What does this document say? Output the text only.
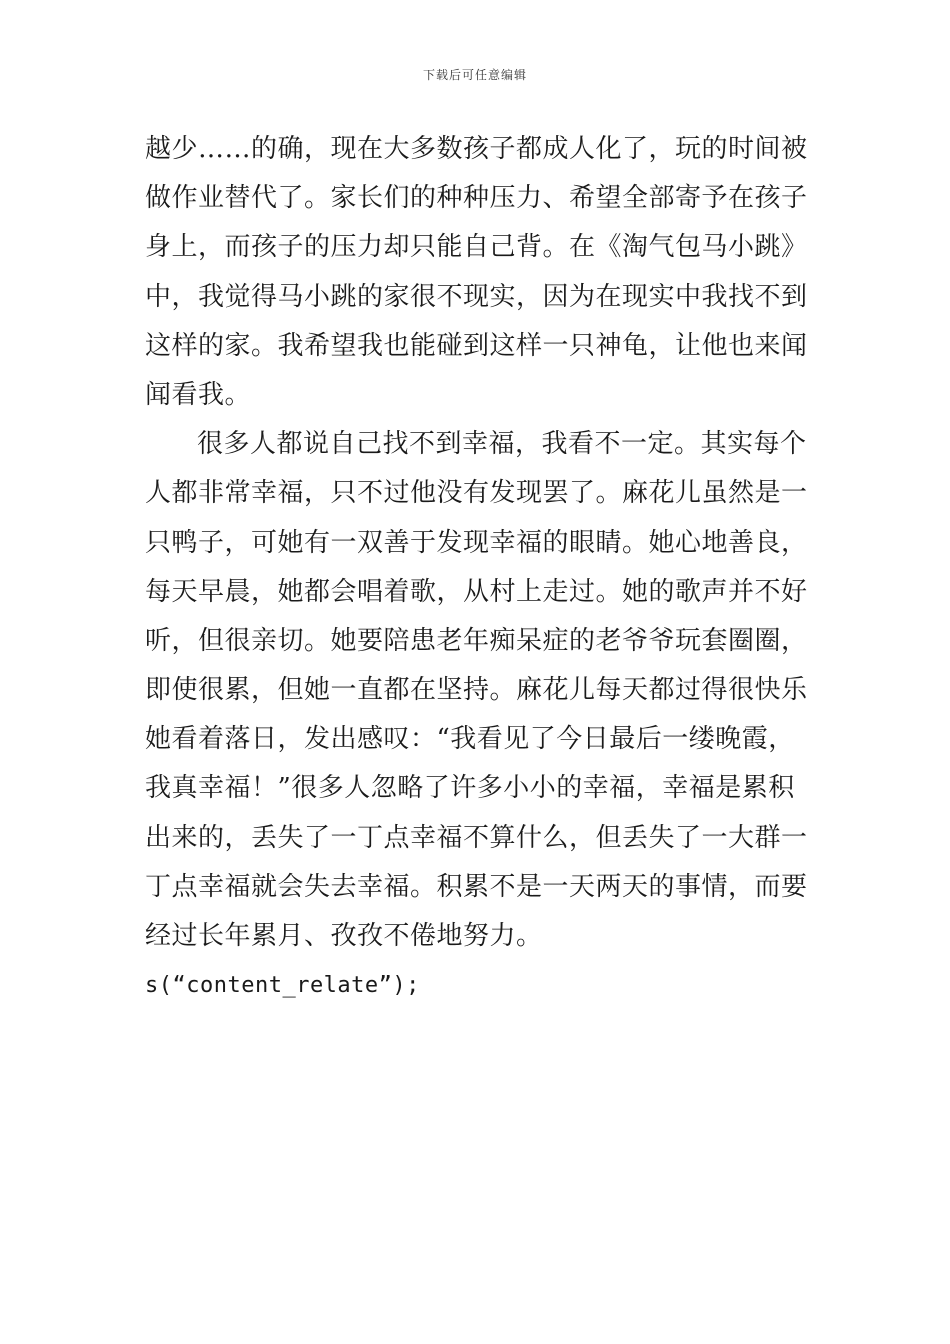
下载后可任意编辑
越少……的确，现在大多数孩子都成人化了，玩的时间被
做作业替代了。家长们的种种压力、希望全部寄予在孩子
身上，而孩子的压力却只能自己背。在《淘气包马小跳》
中，我觉得马小跳的家很不现实，因为在现实中我找不到
这样的家。我希望我也能碰到这样一只神龟，让他也来闻
闻看我。
很多人都说自己找不到幸福，我看不一定。其实每个
人都非常幸福，只不过他没有发现罢了。麻花儿虽然是一
只鸭子，可她有一双善于发现幸福的眼睛。她心地善良，
每天早晨，她都会唱着歌，从村上走过。她的歌声并不好
听，但很亲切。她要陪患老年痴呆症的老爷爷玩套圈圈，
即使很累，但她一直都在坚持。麻花儿每天都过得很快乐
她看着落日，发出感叹：“我看见了今日最后一缕晚霞，
我真幸福！”很多人忽略了许多小小的幸福，幸福是累积
出来的，丢失了一丁点幸福不算什么，但丢失了一大群一
丁点幸福就会失去幸福。积累不是一天两天的事情，而要
经过长年累月、孜孜不倦地努力。
s(“content_relate”);
